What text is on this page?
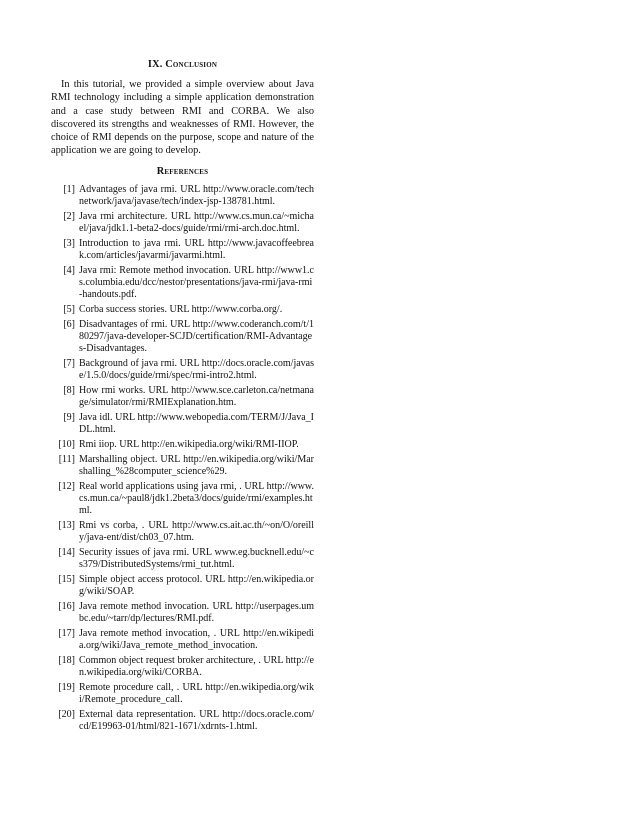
IX. Conclusion

In this tutorial, we provided a simple overview about Java RMI technology including a simple application demonstration and a case study between RMI and CORBA. We also discovered its strengths and weaknesses of RMI. However, the choice of RMI depends on the purpose, scope and nature of the application we are going to develop.

References
[1] Advantages of java rmi. URL http://www.oracle.com/technetwork/java/javase/tech/index-jsp-138781.html.
[2] Java rmi architecture. URL http://www.cs.mun.ca/~michael/java/jdk1.1-beta2-docs/guide/rmi/rmi-arch.doc.html.
[3] Introduction to java rmi. URL http://www.javacoffeebreak.com/articles/javarmi/javarmi.html.
[4] Java rmi: Remote method invocation. URL http://www1.cs.columbia.edu/dcc/nestor/presentations/java-rmi/java-rmi-handouts.pdf.
[5] Corba success stories. URL http://www.corba.org/.
[6] Disadvantages of rmi. URL http://www.coderanch.com/t/180297/java-developer-SCJD/certification/RMI-Advantages-Disadvantages.
[7] Background of java rmi. URL http://docs.oracle.com/javase/1.5.0/docs/guide/rmi/spec/rmi-intro2.html.
[8] How rmi works. URL http://www.sce.carleton.ca/netmanage/simulator/rmi/RMIExplanation.htm.
[9] Java idl. URL http://www.webopedia.com/TERM/J/Java_IDL.html.
[10] Rmi iiop. URL http://en.wikipedia.org/wiki/RMI-IIOP.
[11] Marshalling object. URL http://en.wikipedia.org/wiki/Marshalling_%28computer_science%29.
[12] Real world applications using java rmi, . URL http://www.cs.mun.ca/~paul8/jdk1.2beta3/docs/guide/rmi/examples.html.
[13] Rmi vs corba, . URL http://www.cs.ait.ac.th/~on/O/oreilly/java-ent/dist/ch03_07.htm.
[14] Security issues of java rmi. URL www.eg.bucknell.edu/~cs379/DistributedSystems/rmi_tut.html.
[15] Simple object access protocol. URL http://en.wikipedia.org/wiki/SOAP.
[16] Java remote method invocation. URL http://userpages.umbc.edu/~tarr/dp/lectures/RMI.pdf.
[17] Java remote method invocation, . URL http://en.wikipedia.org/wiki/Java_remote_method_invocation.
[18] Common object request broker architecture, . URL http://en.wikipedia.org/wiki/CORBA.
[19] Remote procedure call, . URL http://en.wikipedia.org/wiki/Remote_procedure_call.
[20] External data representation. URL http://docs.oracle.com/cd/E19963-01/html/821-1671/xdrnts-1.html.
